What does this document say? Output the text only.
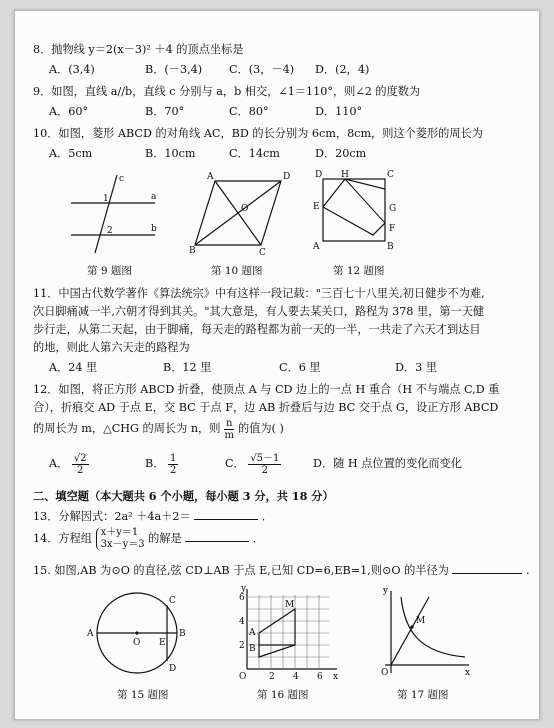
8．抛物线 y＝2(x－3)² ＋4 的顶点坐标是
A．(3,4)	B．(－3,4) C．(3，－4) D．(2，4)
9．如图，直线 a//b，直线 c 分别与 a，b 相交，∠1＝110°，则∠2 的度数为
A．60°	B．70°	C．80°	D．110°
10．如图，菱形 ABCD 的对角线 AC，BD 的长分别为 6cm，8cm，则这个菱形的周长为
A．5cm	B．10cm	C．14cm	D．20cm
c
a
b
1
2
第 9 题图
A	D
B	C
O
第 10 题图
D H	C
E	G
F
A	B
第 12 题图
11．中国古代数学著作《算法统宗》中有这样一段记载："三百七十八里关,初日健步不为难,
次日脚痛减一半,六朝才得到其关。"其大意是，有人要去某关口，路程为 378 里，第一天健
步行走，从第二天起，由于脚痛，每天走的路程都为前一天的一半，一共走了六天才到达目
的地，则此人第六天走的路程为
A．24 里	B．12 里	C．6 里	D．3 里
12．如图，将正方形 ABCD 折叠，使顶点 A 与 CD 边上的一点 H 重合（H 不与端点 C,D 重
合），折痕交 AD 于点 E，交 BC 于点 F，边 AB 折叠后与边 BC 交于点 G，设正方形 ABCD
的周长为 m，△CHG 的周长为 n，则 $\frac{n}{m}$ 的值为( )
A． $\frac{√2}{2}$	B． $\frac{1}{2}$	C． $\frac{√5-1}{2}$	D．随 H 点位置的变化而变化
二、填空题（本大题共 6 个小题，每小题 3 分，共 18 分）
13．分解因式：2a² ＋4a＋2＝	．
14．方程组 x＋y＝1
3x－y＝3 的解是	．
15. 如图,AB 为⊙O 的直径,弦 CD⊥AB 于点 E,已知 CD=6,EB=1,则⊙O 的半径为	.
A
O E
B
C
D
第 15 题图
y
x
O
M
A
B
2 4 6
2
4
6
第 16 题图
y
x
O
M
第 17 题图
